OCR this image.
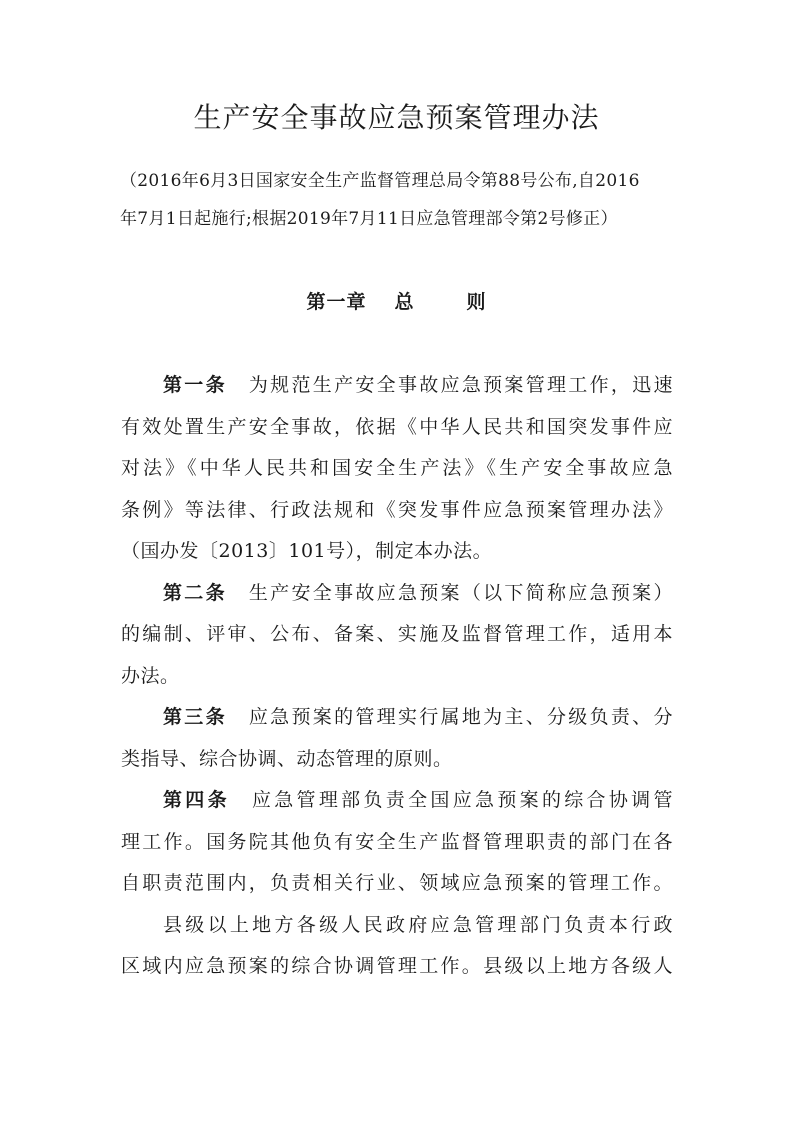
生产安全事故应急预案管理办法
（2016年6月3日国家安全生产监督管理总局令第88号公布,自2016
年7月1日起施行;根据2019年7月11日应急管理部令第2号修正）
第一章 总	则
第一条 为规范生产安全事故应急预案管理工作，迅速
有效处置生产安全事故，依据《中华人民共和国突发事件应
对法》《中华人民共和国安全生产法》《生产安全事故应急
条例》等法律、行政法规和《突发事件应急预案管理办法》
（国办发〔2013〕101号），制定本办法。
第二条 生产安全事故应急预案（以下简称应急预案）
的编制、评审、公布、备案、实施及监督管理工作，适用本
办法。
第三条 应急预案的管理实行属地为主、分级负责、分
类指导、综合协调、动态管理的原则。
第四条 应急管理部负责全国应急预案的综合协调管
理工作。国务院其他负有安全生产监督管理职责的部门在各
自职责范围内，负责相关行业、领域应急预案的管理工作。
县级以上地方各级人民政府应急管理部门负责本行政
区域内应急预案的综合协调管理工作。县级以上地方各级人
